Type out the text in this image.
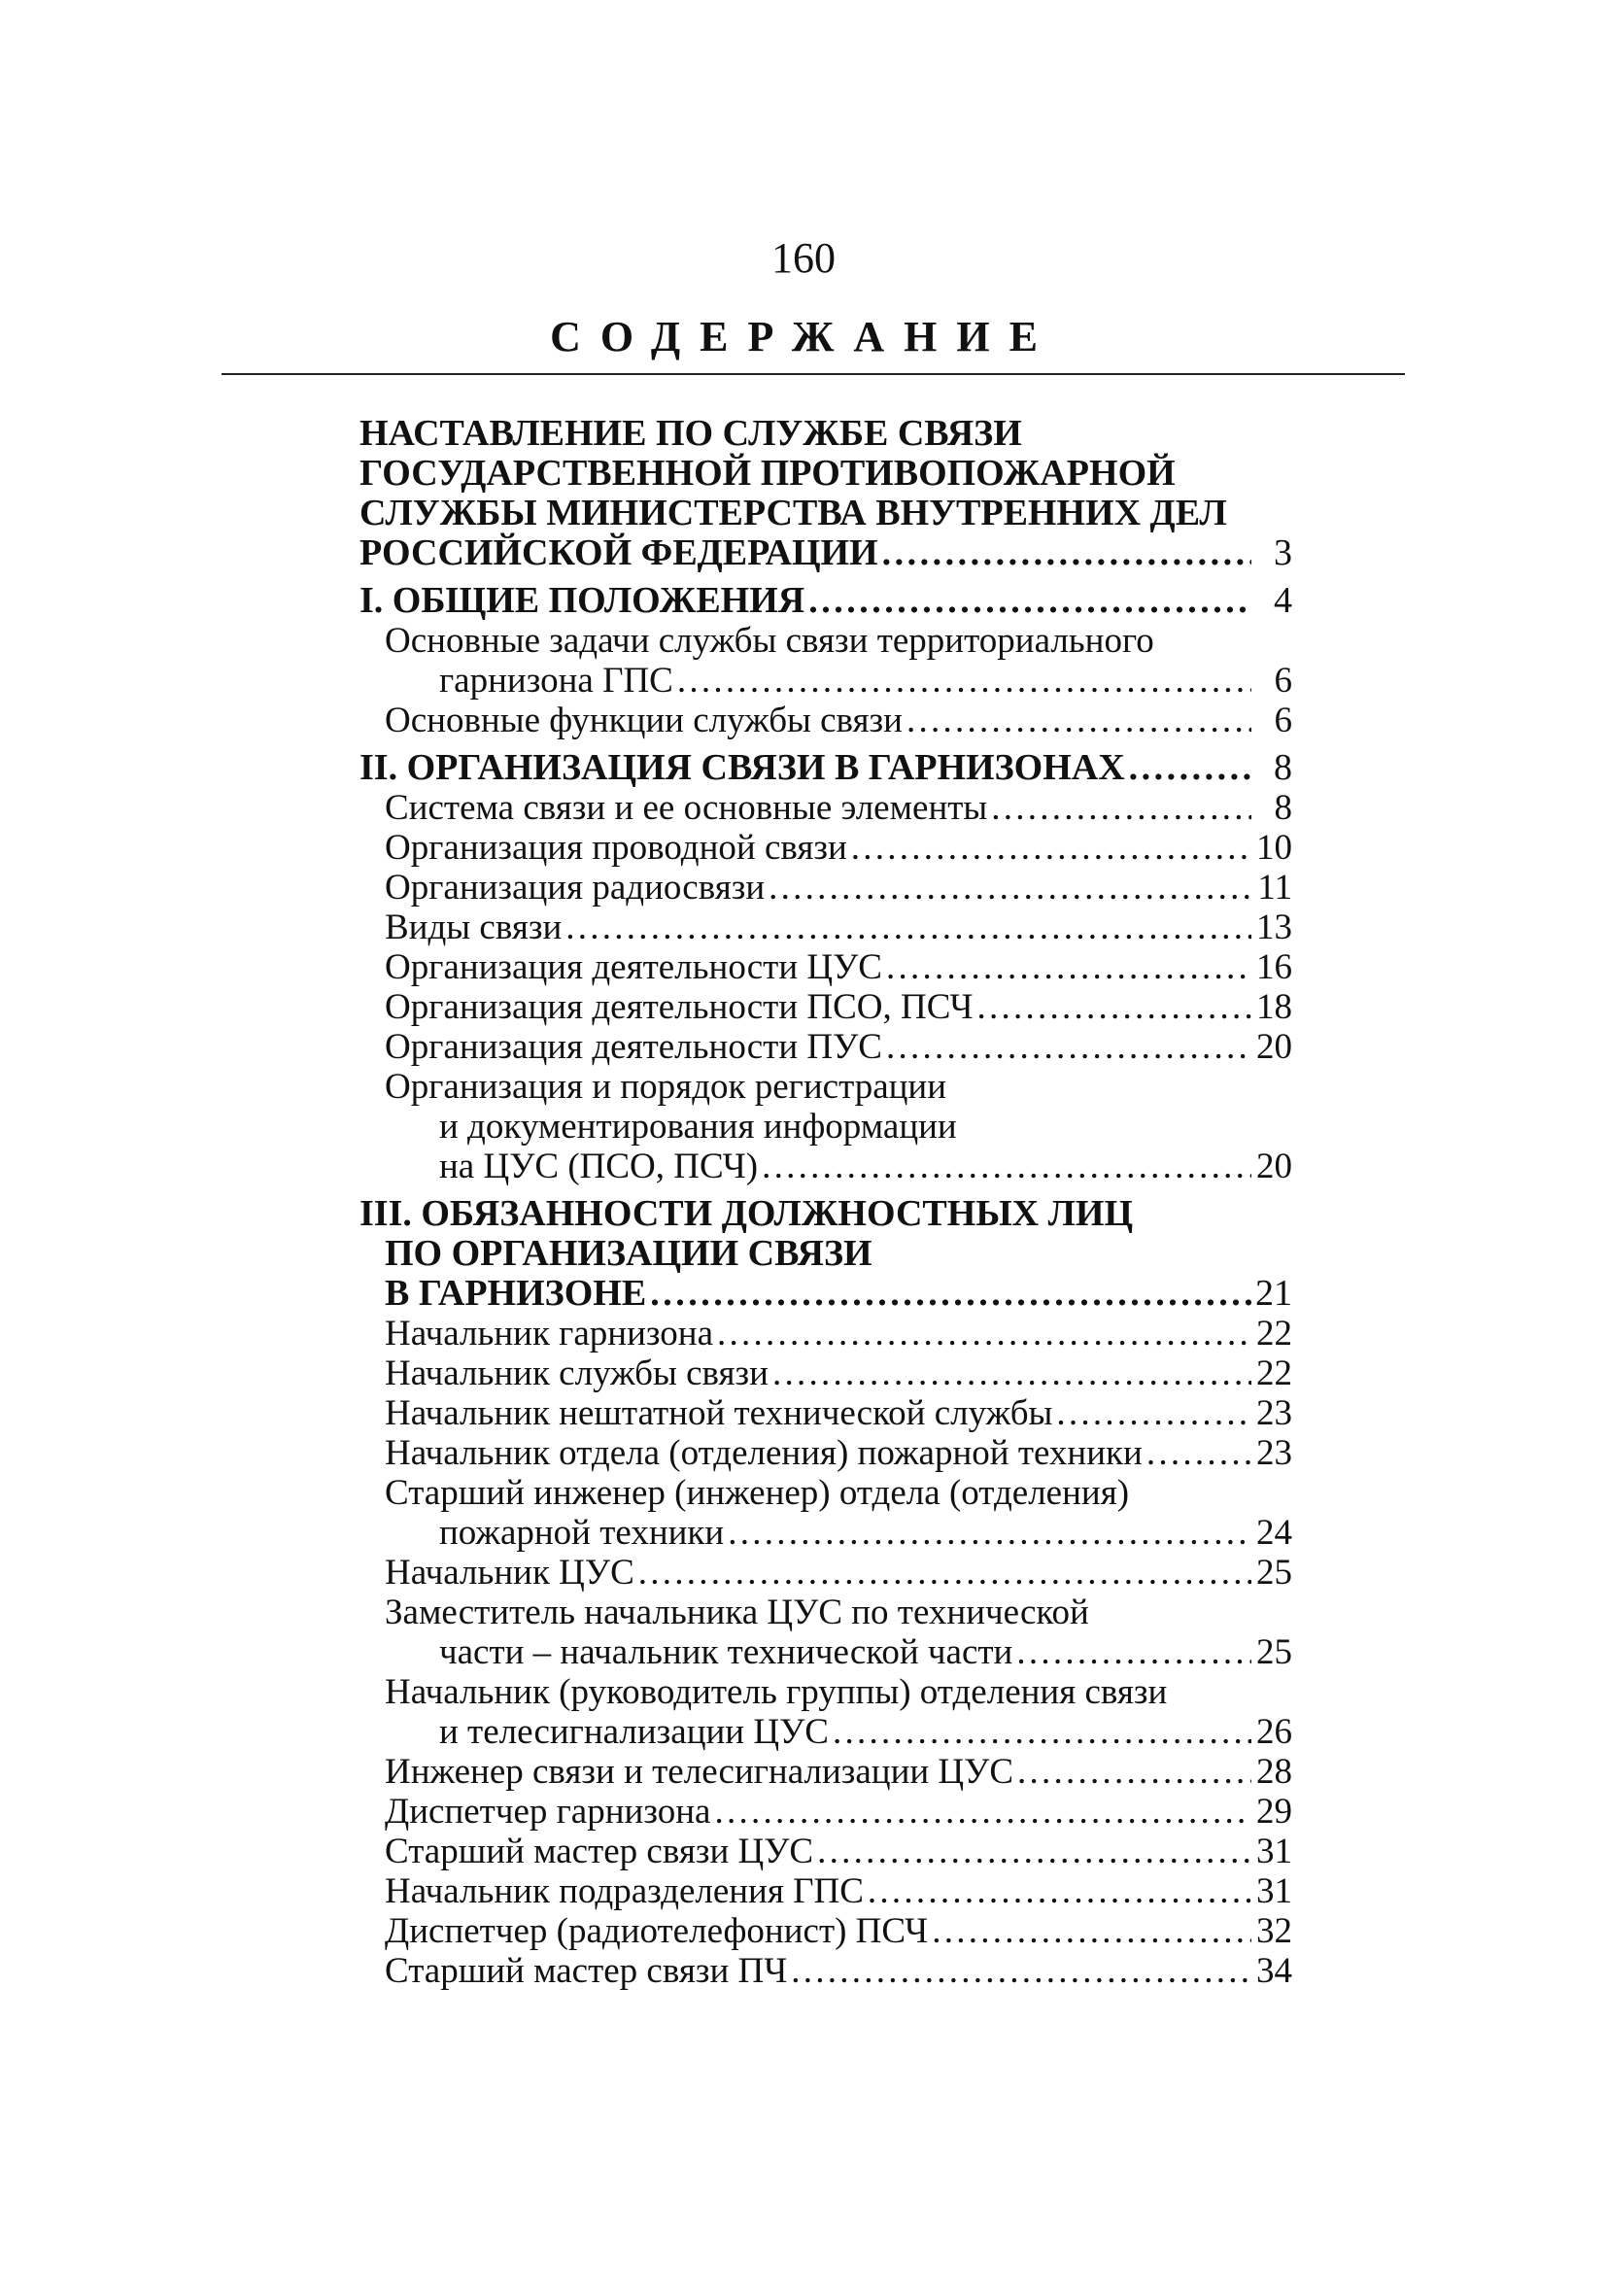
160
СОДЕРЖАНИЕ
НАСТАВЛЕНИЕ ПО СЛУЖБЕ СВЯЗИ
ГОСУДАРСТВЕННОЙ ПРОТИВОПОЖАРНОЙ
СЛУЖБЫ МИНИСТЕРСТВА ВНУТРЕННИХ ДЕЛ
РОССИЙСКОЙ ФЕДЕРАЦИИ . . .	3
I. ОБЩИЕ ПОЛОЖЕНИЯ . . .	4
Основные задачи службы связи территориального
гарнизона ГПС . . .	6
Основные функции службы связи . . .	6
II. ОРГАНИЗАЦИЯ СВЯЗИ В ГАРНИЗОНАХ . . .	8
Система связи и ее основные элементы . . .	8
Организация проводной связи . . .	10
Организация радиосвязи . . .	11
Виды связи . . .	13
Организация деятельности ЦУС . . .	16
Организация деятельности ПСО, ПСЧ . . .	18
Организация деятельности ПУС . . .	20
Организация и порядок регистрации
и документирования информации
на ЦУС (ПСО, ПСЧ) . . .	20
III. ОБЯЗАННОСТИ ДОЛЖНОСТНЫХ ЛИЦ
ПО ОРГАНИЗАЦИИ СВЯЗИ
В ГАРНИЗОНЕ . . .	21
Начальник гарнизона . . .	22
Начальник службы связи . . .	22
Начальник нештатной технической службы . . .	23
Начальник отдела (отделения) пожарной техники . . .	23
Старший инженер (инженер) отдела (отделения)
пожарной техники . . .	24
Начальник ЦУС . . .	25
Заместитель начальника ЦУС по технической
части – начальник технической части . . .	25
Начальник (руководитель группы) отделения связи
и телесигнализации ЦУС . . .	26
Инженер связи и телесигнализации ЦУС . . .	28
Диспетчер гарнизона . . .	29
Старший мастер связи ЦУС . . .	31
Начальник подразделения ГПС . . .	31
Диспетчер (радиотелефонист) ПСЧ . . .	32
Старший мастер связи ПЧ . . .	34
